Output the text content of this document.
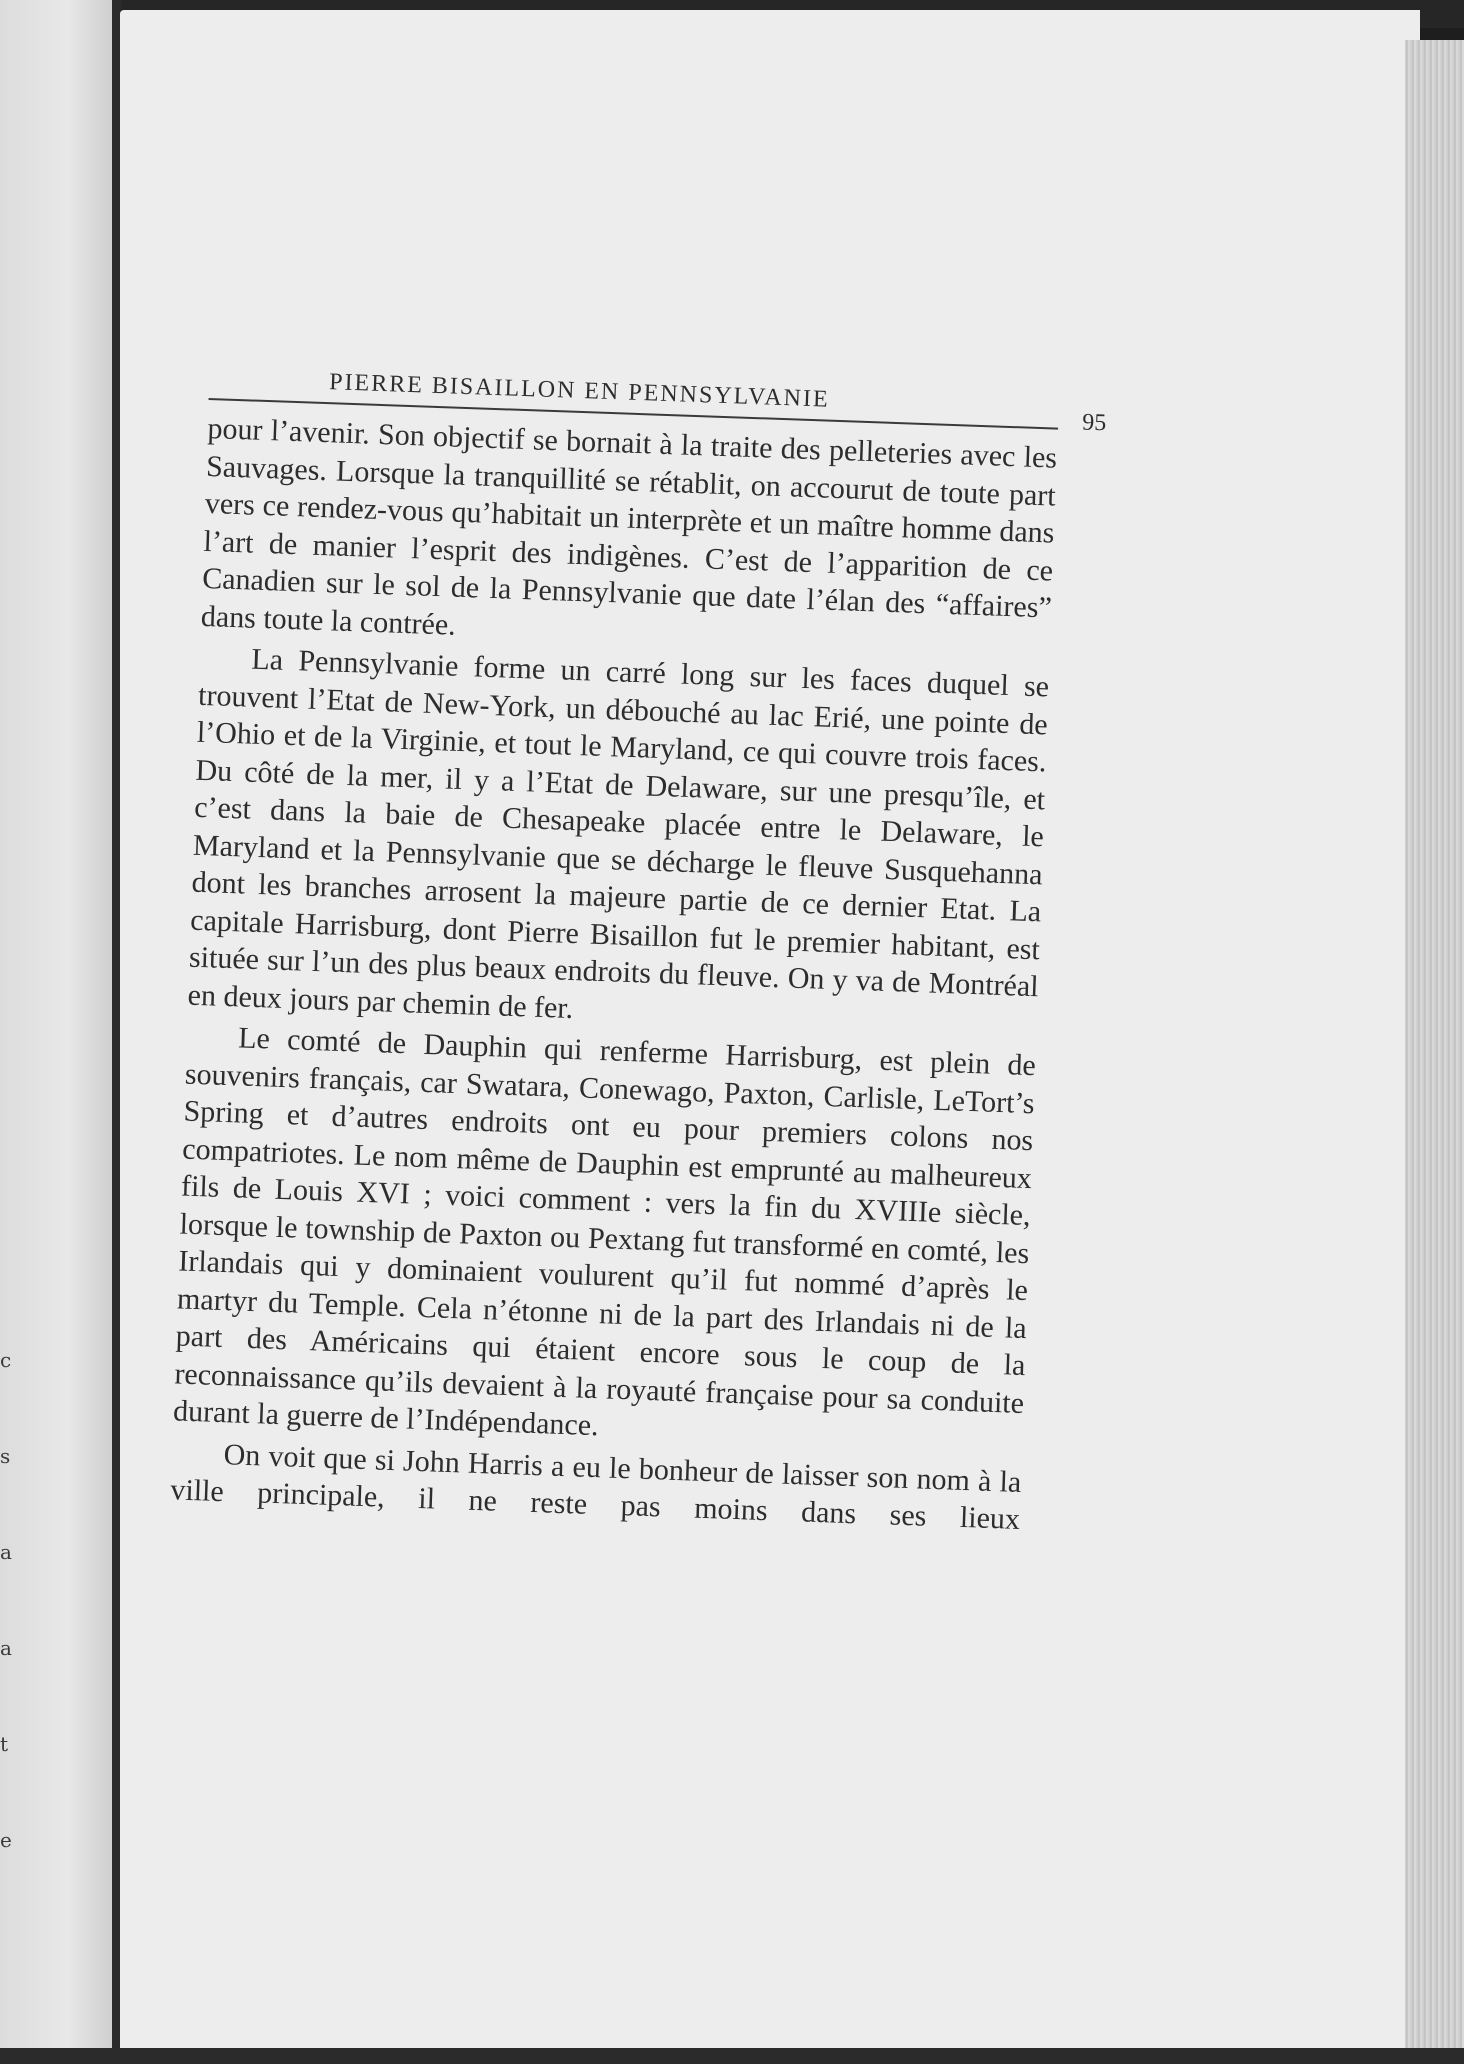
c

s

a

a

t

e

PIERRE BISAILLON EN PENNSYLVANIE
95

pour l’avenir. Son objectif se bornait à la traite des pelleteries avec les Sauvages. Lorsque la tranquillité se rétablit, on accourut de toute part vers ce rendez-vous qu’habitait un interprète et un maître homme dans l’art de manier l’esprit des indigènes. C’est de l’apparition de ce Canadien sur le sol de la Pennsylvanie que date l’élan des “affaires” dans toute la contrée.

La Pennsylvanie forme un carré long sur les faces duquel se trouvent l’Etat de New-York, un débouché au lac Erié, une pointe de l’Ohio et de la Virginie, et tout le Maryland, ce qui couvre trois faces. Du côté de la mer, il y a l’Etat de Delaware, sur une presqu’île, et c’est dans la baie de Chesapeake placée entre le Delaware, le Maryland et la Pennsylvanie que se décharge le fleuve Susquehanna dont les branches arrosent la majeure partie de ce dernier Etat. La capitale Harrisburg, dont Pierre Bisaillon fut le premier habitant, est située sur l’un des plus beaux endroits du fleuve. On y va de Montréal en deux jours par chemin de fer.

Le comté de Dauphin qui renferme Harrisburg, est plein de souvenirs français, car Swatara, Conewago, Paxton, Carlisle, LeTort’s Spring et d’autres endroits ont eu pour premiers colons nos compatriotes. Le nom même de Dauphin est emprunté au malheureux fils de Louis XVI ; voici comment : vers la fin du XVIIIe siècle, lorsque le township de Paxton ou Pextang fut transformé en comté, les Irlandais qui y dominaient voulurent qu’il fut nommé d’après le martyr du Temple. Cela n’étonne ni de la part des Irlandais ni de la part des Américains qui étaient encore sous le coup de la reconnaissance qu’ils devaient à la royauté française pour sa conduite durant la guerre de l’Indépendance.

On voit que si John Harris a eu le bonheur de laisser son nom à la ville principale, il ne reste pas moins dans ses lieux
